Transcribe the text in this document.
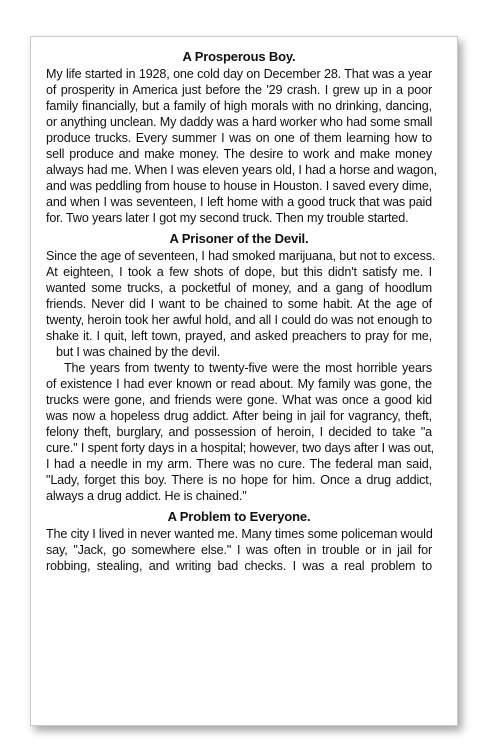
A Prosperous Boy.
My life started in 1928, one cold day on December 28. That was a year
of prosperity in America just before the '29 crash. I grew up in a poor
family financially, but a family of high morals with no drinking, dancing,
or anything unclean. My daddy was a hard worker who had some small
produce trucks. Every summer I was on one of them learning how to
sell produce and make money. The desire to work and make money
always had me. When I was eleven years old, I had a horse and wagon,
and was peddling from house to house in Houston. I saved every dime,
and when I was seventeen, I left home with a good truck that was paid
for. Two years later I got my second truck. Then my trouble started.
A Prisoner of the Devil.
Since the age of seventeen, I had smoked marijuana, but not to excess.
At eighteen, I took a few shots of dope, but this didn't satisfy me. I
wanted some trucks, a pocketful of money, and a gang of hoodlum
friends. Never did I want to be chained to some habit. At the age of
twenty, heroin took her awful hold, and all I could do was not enough to
shake it. I quit, left town, prayed, and asked preachers to pray for me,
but I was chained by the devil.
The years from twenty to twenty-five were the most horrible years
of existence I had ever known or read about. My family was gone, the
trucks were gone, and friends were gone. What was once a good kid
was now a hopeless drug addict. After being in jail for vagrancy, theft,
felony theft, burglary, and possession of heroin, I decided to take "a
cure." I spent forty days in a hospital; however, two days after I was out,
I had a needle in my arm. There was no cure. The federal man said,
"Lady, forget this boy. There is no hope for him. Once a drug addict,
always a drug addict. He is chained."
A Problem to Everyone.
The city I lived in never wanted me. Many times some policeman would
say, "Jack, go somewhere else." I was often in trouble or in jail for
robbing, stealing, and writing bad checks. I was a real problem to
